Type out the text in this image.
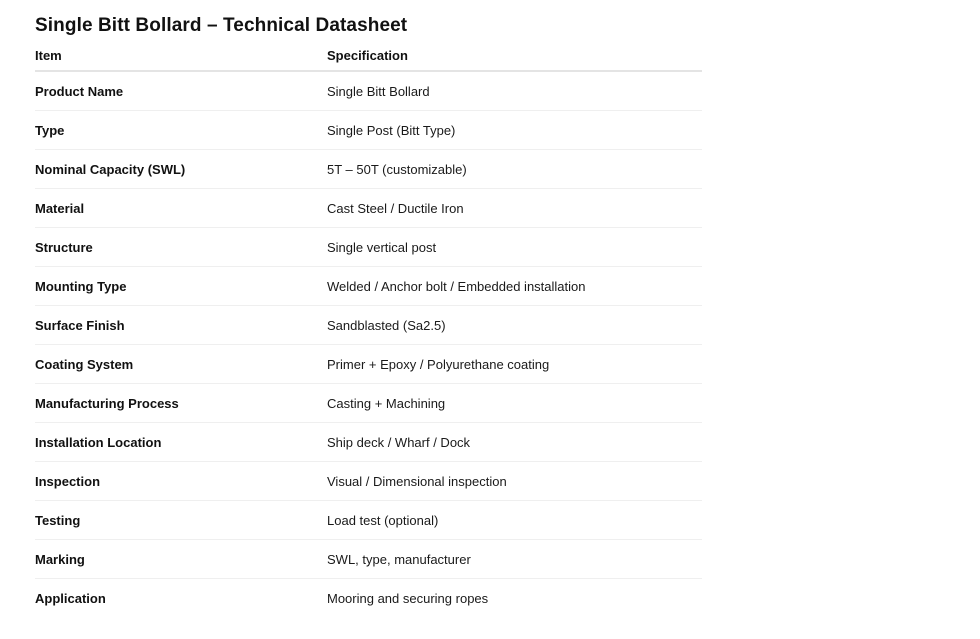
Single Bitt Bollard – Technical Datasheet
Item	Specification
Product Name	Single Bitt Bollard
Type	Single Post (Bitt Type)
Nominal Capacity (SWL)	5T – 50T (customizable)
Material	Cast Steel / Ductile Iron
Structure	Single vertical post
Mounting Type	Welded / Anchor bolt / Embedded installation
Surface Finish	Sandblasted (Sa2.5)
Coating System	Primer + Epoxy / Polyurethane coating
Manufacturing Process	Casting + Machining
Installation Location	Ship deck / Wharf / Dock
Inspection	Visual / Dimensional inspection
Testing	Load test (optional)
Marking	SWL, type, manufacturer
Application	Mooring and securing ropes
